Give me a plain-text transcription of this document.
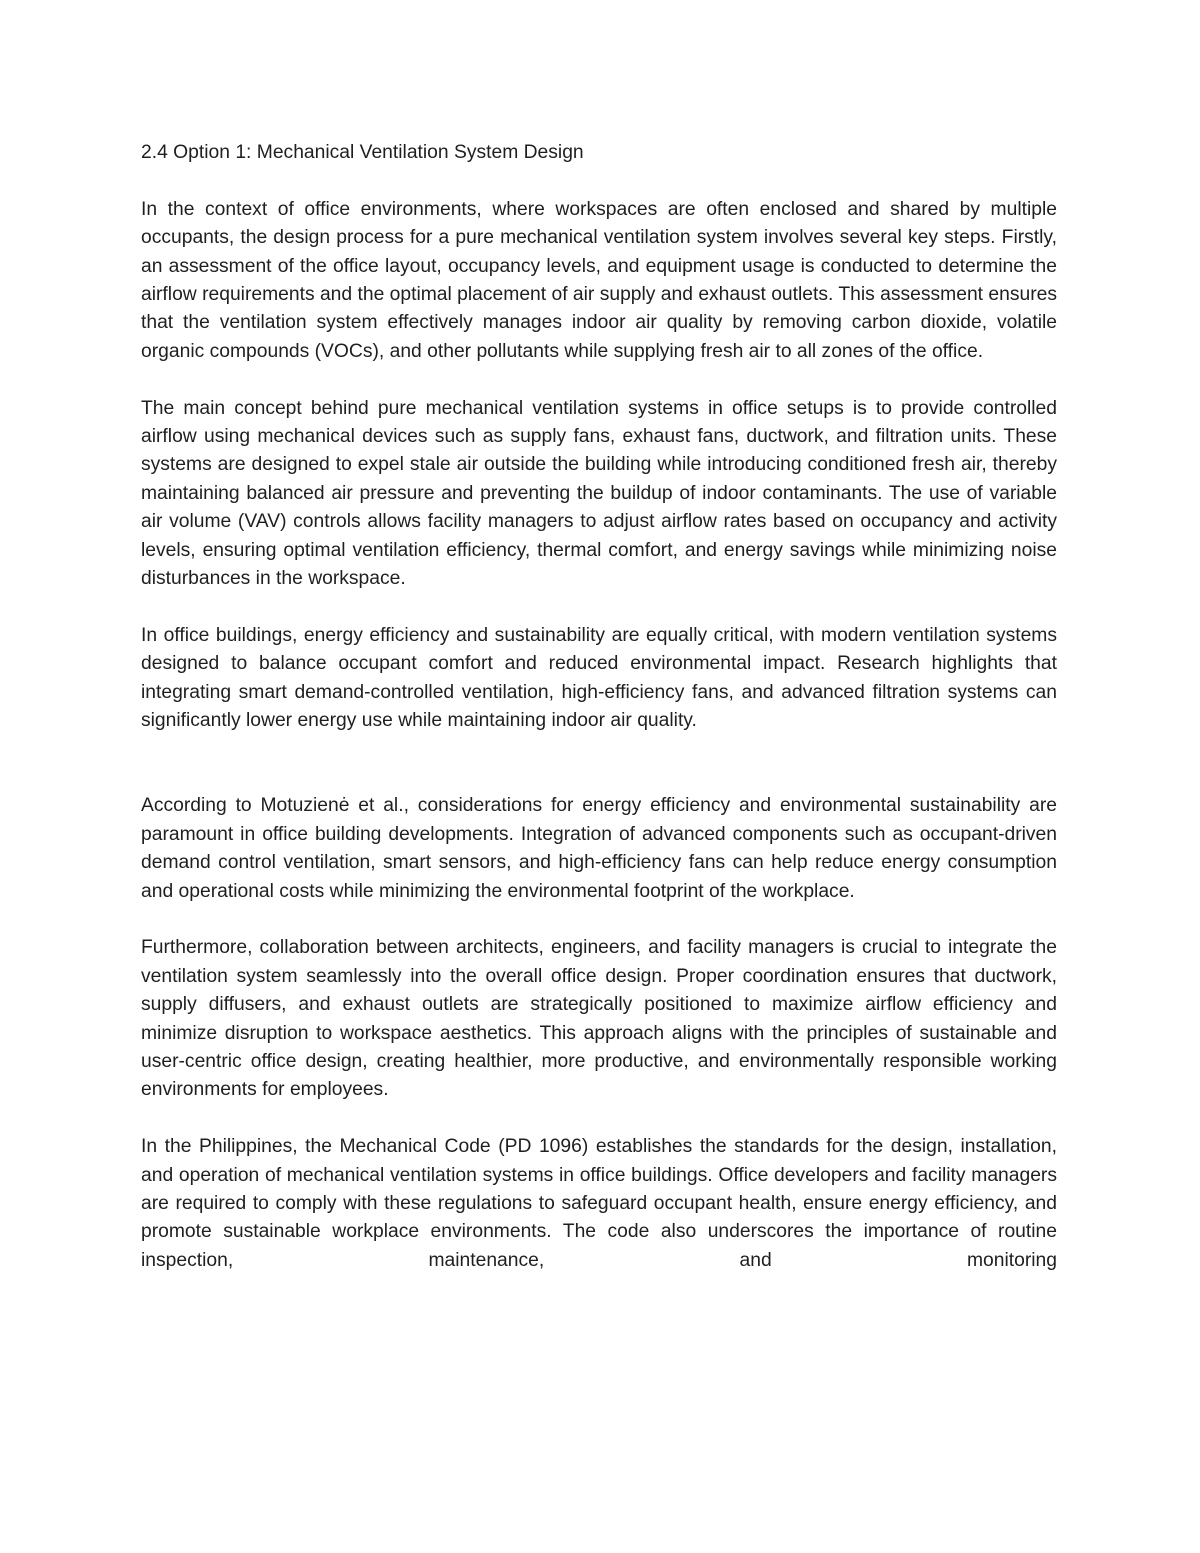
2.4 Option 1: Mechanical Ventilation System Design

In the context of office environments, where workspaces are often enclosed and shared by multiple occupants, the design process for a pure mechanical ventilation system involves several key steps. Firstly, an assessment of the office layout, occupancy levels, and equipment usage is conducted to determine the airflow requirements and the optimal placement of air supply and exhaust outlets. This assessment ensures that the ventilation system effectively manages indoor air quality by removing carbon dioxide, volatile organic compounds (VOCs), and other pollutants while supplying fresh air to all zones of the office.

The main concept behind pure mechanical ventilation systems in office setups is to provide controlled airflow using mechanical devices such as supply fans, exhaust fans, ductwork, and filtration units. These systems are designed to expel stale air outside the building while introducing conditioned fresh air, thereby maintaining balanced air pressure and preventing the buildup of indoor contaminants. The use of variable air volume (VAV) controls allows facility managers to adjust airflow rates based on occupancy and activity levels, ensuring optimal ventilation efficiency, thermal comfort, and energy savings while minimizing noise disturbances in the workspace.

In office buildings, energy efficiency and sustainability are equally critical, with modern ventilation systems designed to balance occupant comfort and reduced environmental impact. Research highlights that integrating smart demand-controlled ventilation, high-efficiency fans, and advanced filtration systems can significantly lower energy use while maintaining indoor air quality.

According to Motuzienė et al., considerations for energy efficiency and environmental sustainability are paramount in office building developments. Integration of advanced components such as occupant-driven demand control ventilation, smart sensors, and high-efficiency fans can help reduce energy consumption and operational costs while minimizing the environmental footprint of the workplace.

Furthermore, collaboration between architects, engineers, and facility managers is crucial to integrate the ventilation system seamlessly into the overall office design. Proper coordination ensures that ductwork, supply diffusers, and exhaust outlets are strategically positioned to maximize airflow efficiency and minimize disruption to workspace aesthetics. This approach aligns with the principles of sustainable and user-centric office design, creating healthier, more productive, and environmentally responsible working environments for employees.

In the Philippines, the Mechanical Code (PD 1096) establishes the standards for the design, installation, and operation of mechanical ventilation systems in office buildings. Office developers and facility managers are required to comply with these regulations to safeguard occupant health, ensure energy efficiency, and promote sustainable workplace environments. The code also underscores the importance of routine inspection, maintenance, and monitoring
